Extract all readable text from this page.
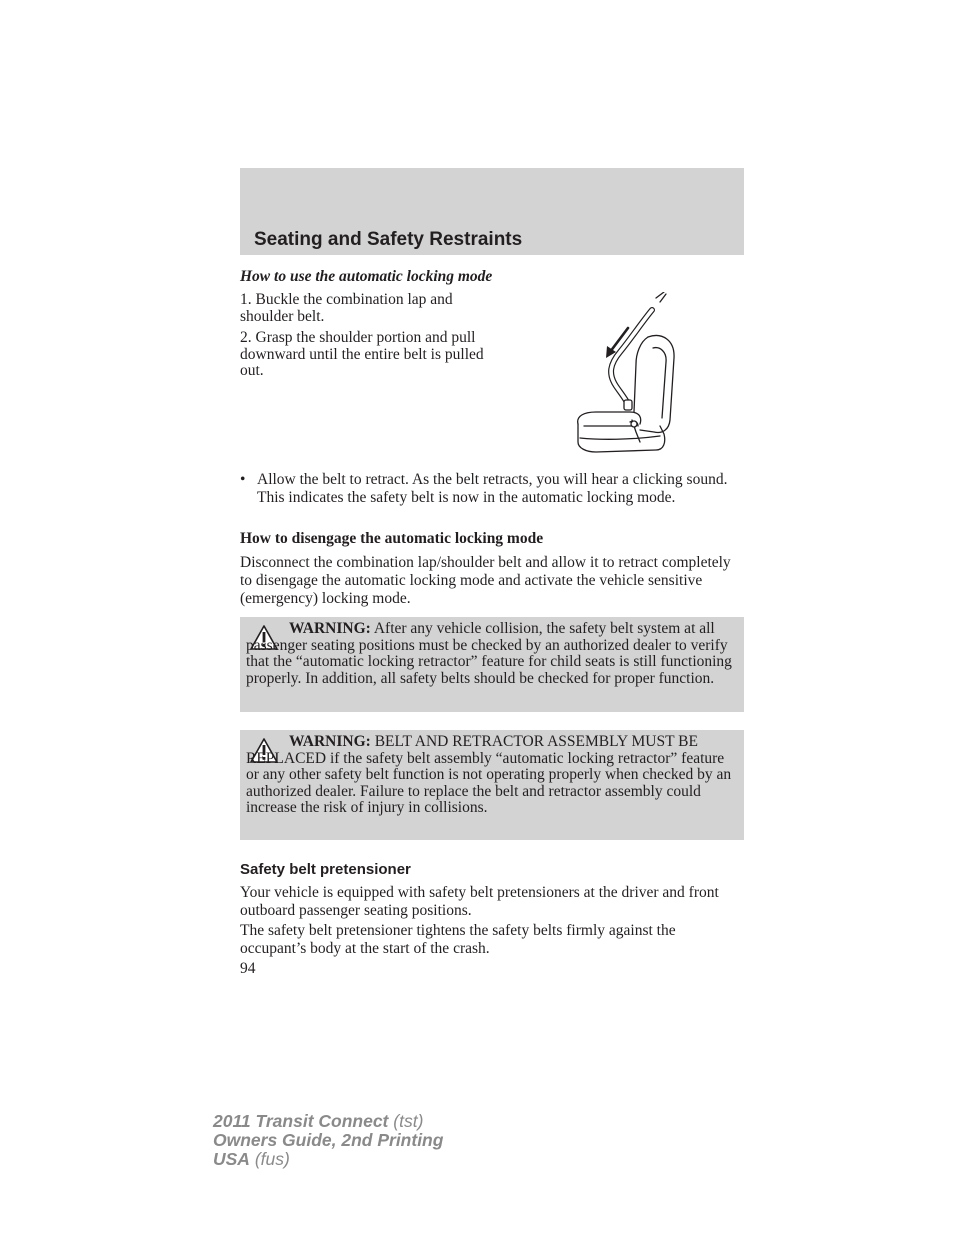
Seating and Safety Restraints
How to use the automatic locking mode
1. Buckle the combination lap and shoulder belt.
2. Grasp the shoulder portion and pull downward until the entire belt is pulled out.
• Allow the belt to retract. As the belt retracts, you will hear a clicking sound. This indicates the safety belt is now in the automatic locking mode.
How to disengage the automatic locking mode
Disconnect the combination lap/shoulder belt and allow it to retract completely to disengage the automatic locking mode and activate the vehicle sensitive (emergency) locking mode.
WARNING: After any vehicle collision, the safety belt system at all passenger seating positions must be checked by an authorized dealer to verify that the “automatic locking retractor” feature for child seats is still functioning properly. In addition, all safety belts should be checked for proper function.
WARNING: BELT AND RETRACTOR ASSEMBLY MUST BE REPLACED if the safety belt assembly “automatic locking retractor” feature or any other safety belt function is not operating properly when checked by an authorized dealer. Failure to replace the belt and retractor assembly could increase the risk of injury in collisions.
Safety belt pretensioner
Your vehicle is equipped with safety belt pretensioners at the driver and front outboard passenger seating positions.
The safety belt pretensioner tightens the safety belts firmly against the occupant’s body at the start of the crash.
94
2011 Transit Connect (tst)
Owners Guide, 2nd Printing
USA (fus)
